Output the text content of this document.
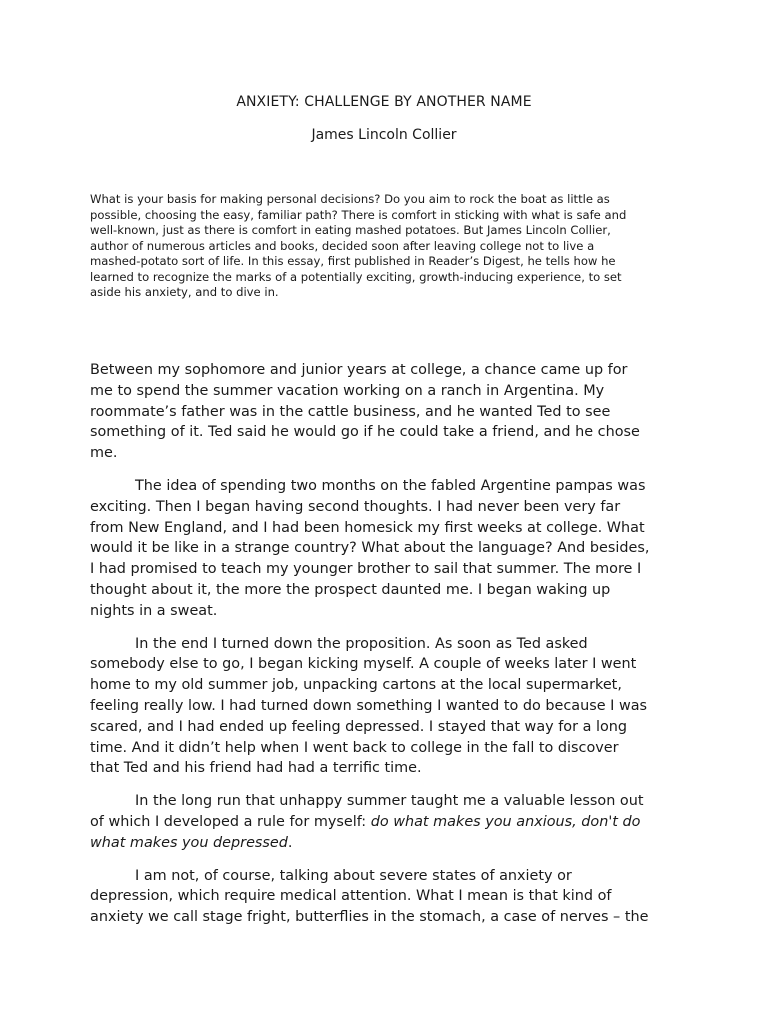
ANXIETY: CHALLENGE BY ANOTHER NAME
James Lincoln Collier
What is your basis for making personal decisions? Do you aim to rock the boat as little as
possible, choosing the easy, familiar path? There is comfort in sticking with what is safe and
well-known, just as there is comfort in eating mashed potatoes. But James Lincoln Collier,
author of numerous articles and books, decided soon after leaving college not to live a
mashed-potato sort of life. In this essay, first published in Reader’s Digest, he tells how he
learned to recognize the marks of a potentially exciting, growth-inducing experience, to set
aside his anxiety, and to dive in.
Between my sophomore and junior years at college, a chance came up for
me to spend the summer vacation working on a ranch in Argentina. My
roommate’s father was in the cattle business, and he wanted Ted to see
something of it. Ted said he would go if he could take a friend, and he chose
me.
The idea of spending two months on the fabled Argentine pampas was
exciting. Then I began having second thoughts. I had never been very far
from New England, and I had been homesick my first weeks at college. What
would it be like in a strange country? What about the language? And besides,
I had promised to teach my younger brother to sail that summer. The more I
thought about it, the more the prospect daunted me. I began waking up
nights in a sweat.
In the end I turned down the proposition. As soon as Ted asked
somebody else to go, I began kicking myself. A couple of weeks later I went
home to my old summer job, unpacking cartons at the local supermarket,
feeling really low. I had turned down something I wanted to do because I was
scared, and I had ended up feeling depressed. I stayed that way for a long
time. And it didn’t help when I went back to college in the fall to discover
that Ted and his friend had had a terrific time.
In the long run that unhappy summer taught me a valuable lesson out
of which I developed a rule for myself: do what makes you anxious, don't do
what makes you depressed.
I am not, of course, talking about severe states of anxiety or
depression, which require medical attention. What I mean is that kind of
anxiety we call stage fright, butterflies in the stomach, a case of nerves – the
